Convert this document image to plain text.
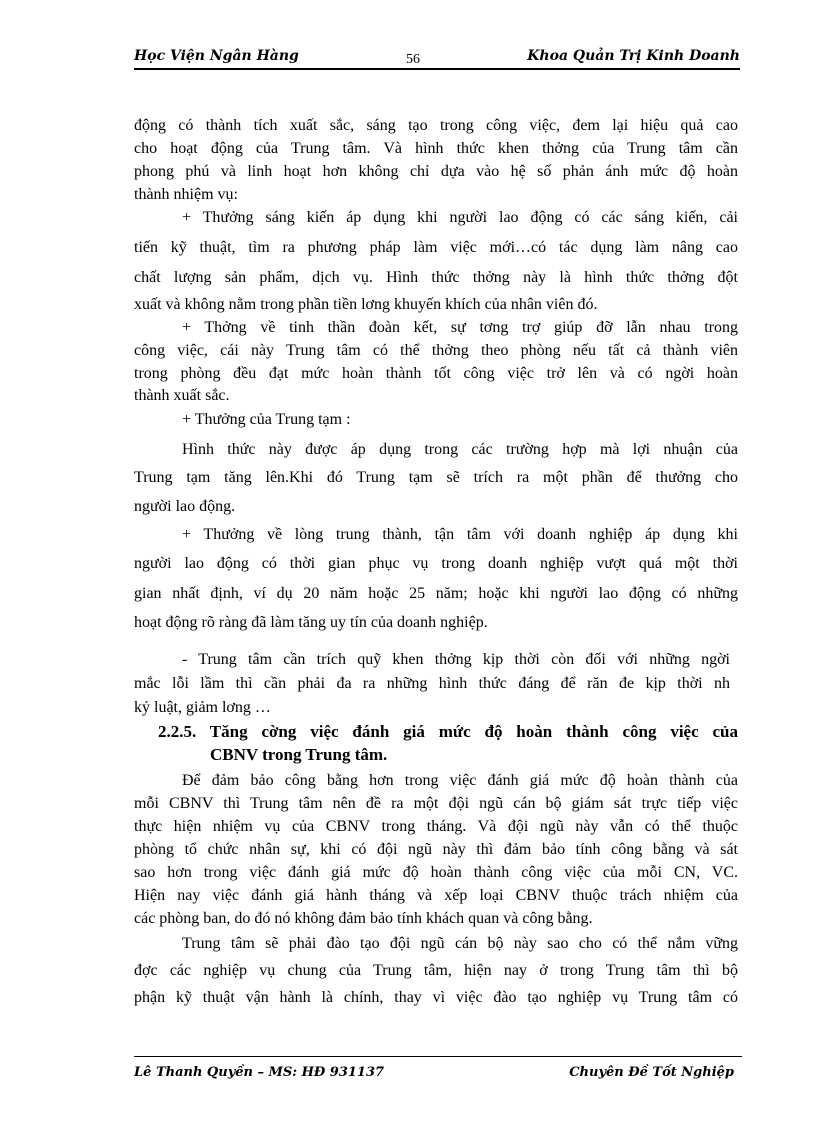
Học Viện Ngân Hàng	56	Khoa Quản Trị Kinh Doanh
động có thành tích xuất sắc, sáng tạo trong công việc, đem lại hiệu quả cao
cho hoạt động của Trung tâm. Và hình thức khen thởng của Trung tâm cần
phong phú và linh hoạt hơn không chỉ dựa vào hệ số phản ánh mức độ hoàn
thành nhiệm vụ:
+ Thưởng sáng kiến áp dụng khi người lao động có các sáng kiến, cải
tiến kỹ thuật, tìm ra phương pháp làm việc mới…có tác dụng làm nâng cao
chất lượng sản phẩm, dịch vụ. Hình thức thởng này là hình thức thởng đột
xuất và không nằm trong phần tiền lơng khuyến khích của nhân viên đó.
+ Thởng về tinh thần đoàn kết, sự tơng trợ giúp đỡ lẫn nhau trong
công việc, cái này Trung tâm có thể thởng theo phòng nếu tất cả thành viên
trong phòng đều đạt mức hoàn thành tốt công việc trở lên và có ngời hoàn
thành xuất sắc.
+ Thưởng của Trung tạm :
Hình thức này được áp dụng trong các trường hợp mà lợi nhuận của
Trung tạm tăng lên.Khi đó Trung tạm sẽ trích ra một phần để thưởng cho
người lao động.
+ Thưởng về lòng trung thành, tận tâm với doanh nghiệp áp dụng khi
người lao động có thời gian phục vụ trong doanh nghiệp vượt quá một thời
gian nhất định, ví dụ 20 năm hoặc 25 năm; hoặc khi người lao động có những
hoạt động rõ ràng đã làm tăng uy tín của doanh nghiệp.
- Trung tâm cần trích quỹ khen thởng kịp thời còn đối với những ngời
mắc lỗi lầm thì cần phải đa ra những hình thức đáng để răn đe kịp thời nh
kỷ luật, giảm lơng …
2.2.5. Tăng cờng việc đánh giá mức độ hoàn thành công việc của
CBNV trong Trung tâm.
Để đảm bảo công bằng hơn trong việc đánh giá mức độ hoàn thành của
mỗi CBNV thì Trung tâm nên đề ra một đội ngũ cán bộ giám sát trực tiếp việc
thực hiện nhiệm vụ của CBNV trong tháng. Và đội ngũ này vẫn có thể thuộc
phòng tổ chức nhân sự, khi có đội ngũ này thì đảm bảo tính công bằng và sát
sao hơn trong việc đánh giá mức độ hoàn thành công việc của mỗi CN, VC.
Hiện nay việc đánh giá hành tháng và xếp loại CBNV thuộc trách nhiệm của
các phòng ban, do đó nó không đảm bảo tính khách quan và công bằng.
Trung tâm sẽ phải đào tạo đội ngũ cán bộ này sao cho có thể nắm vững
đợc các nghiệp vụ chung của Trung tâm, hiện nay ở trong Trung tâm thì bộ
phận kỹ thuật vận hành là chính, thay vì việc đào tạo nghiệp vụ Trung tâm có
Lê Thanh Quyền – MS: HĐ 931137	Chuyên Đề Tốt Nghiệp
